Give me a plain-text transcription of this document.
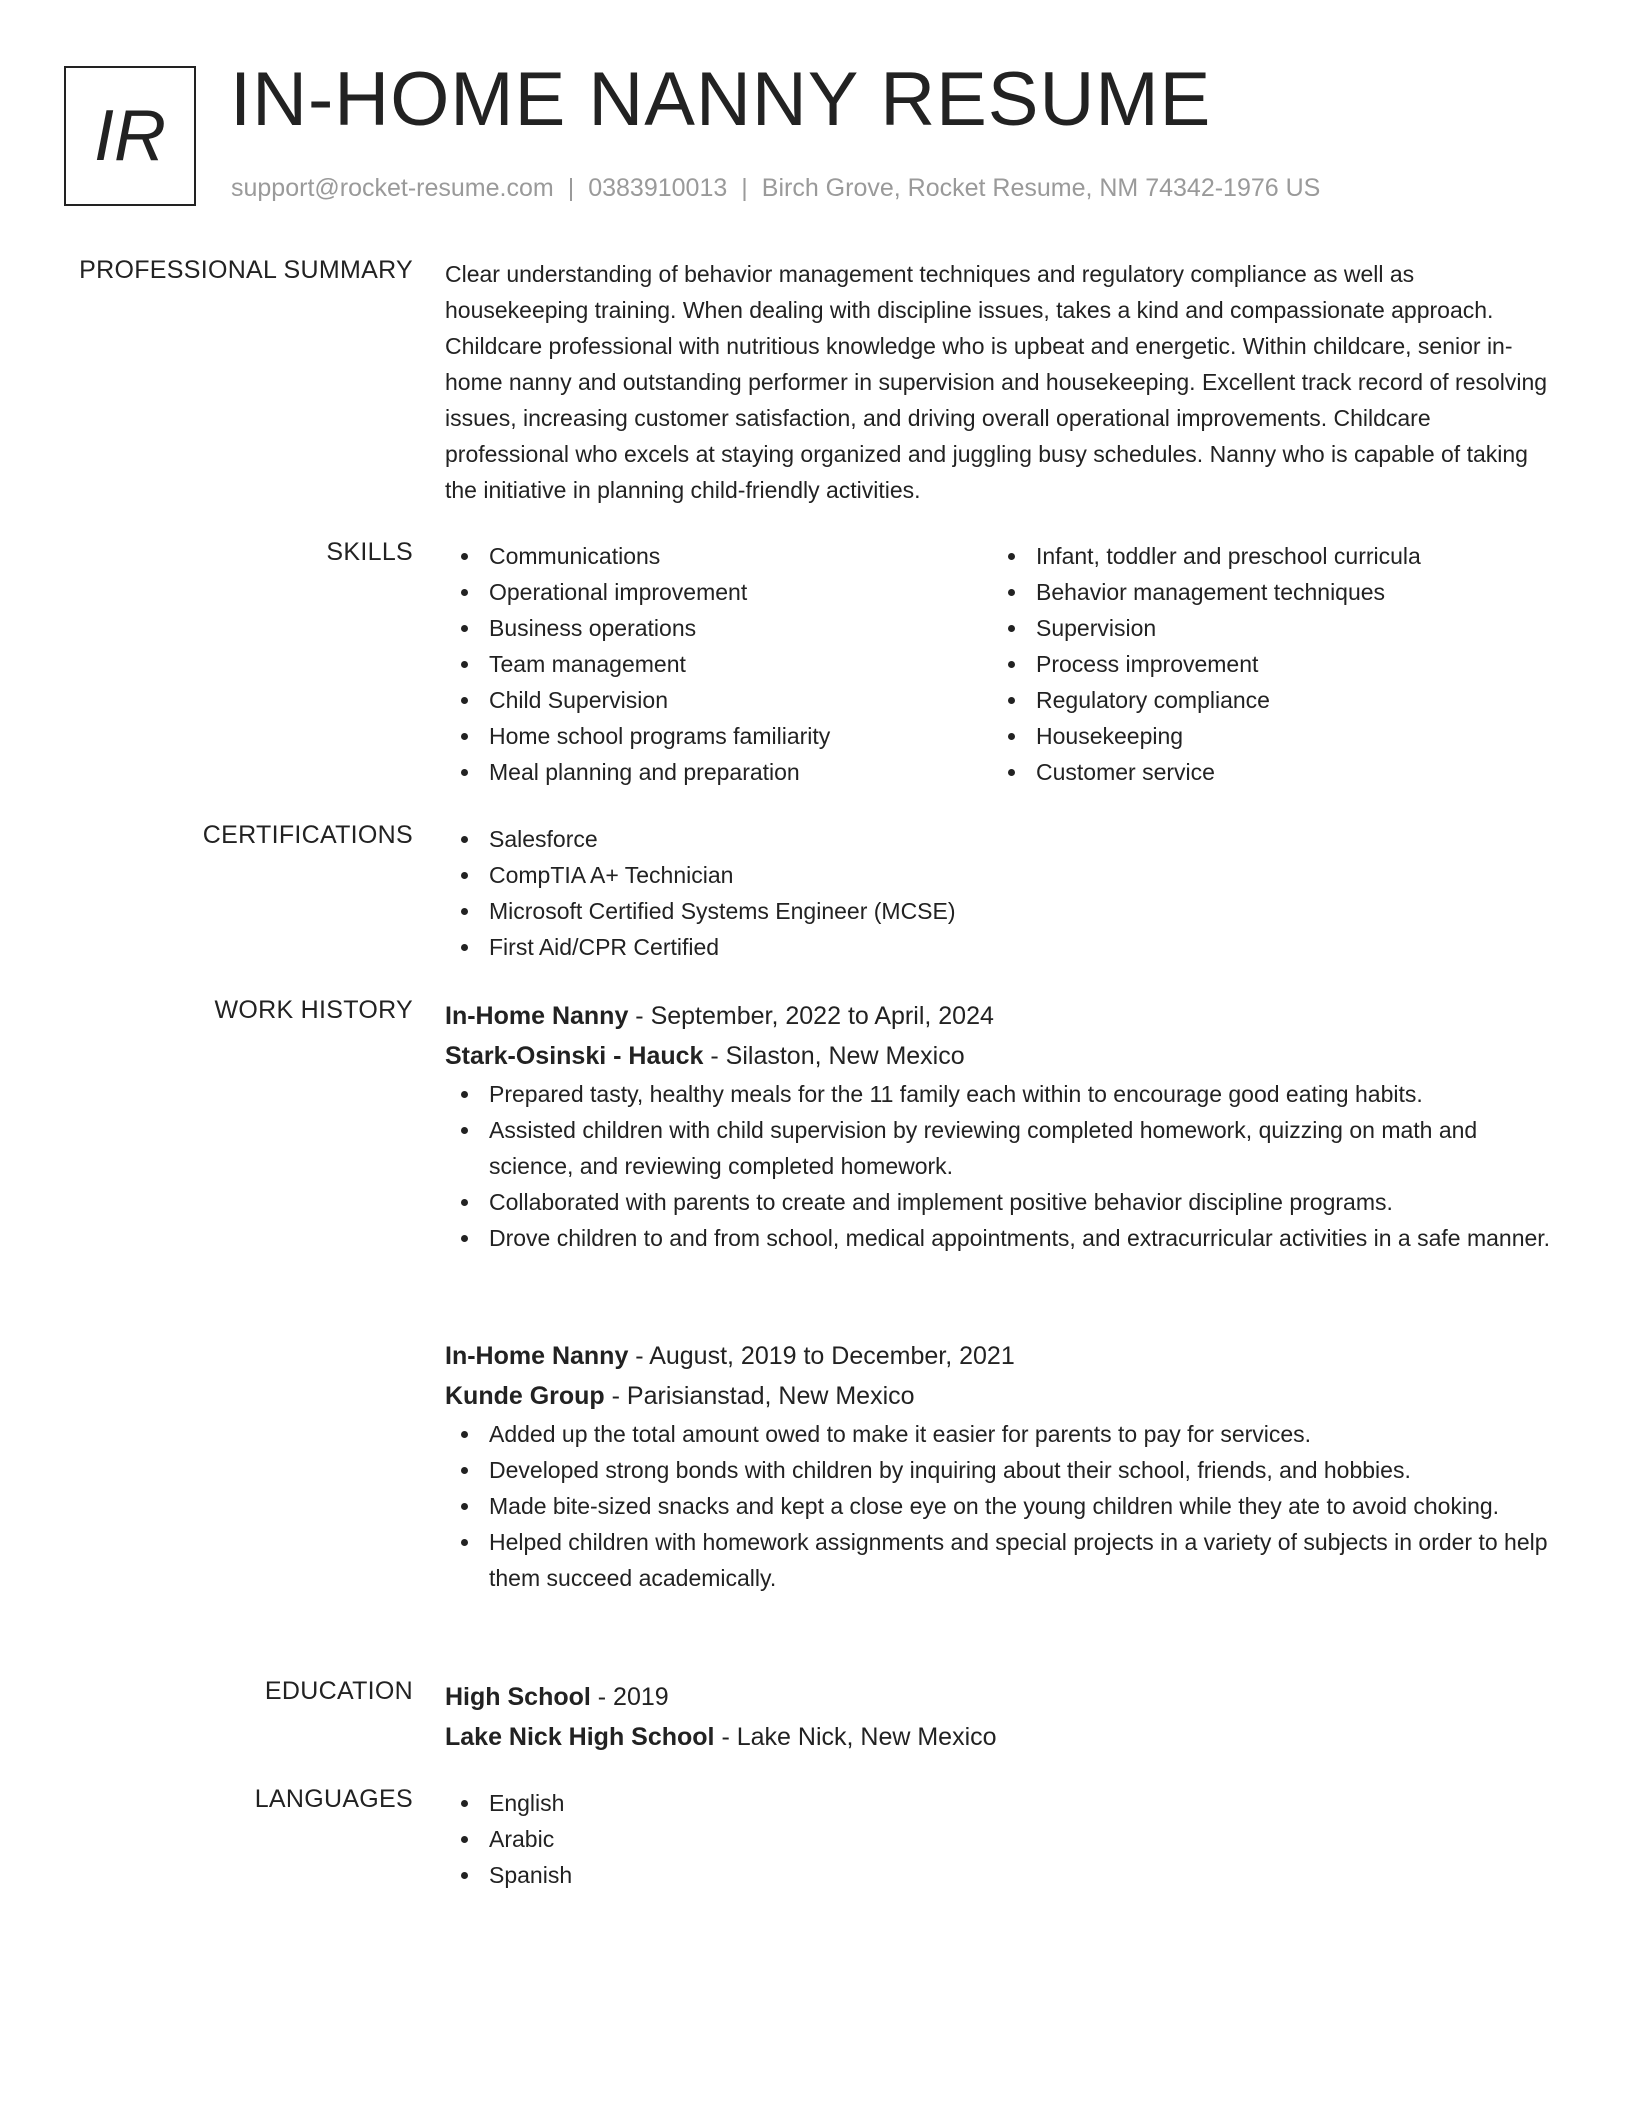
IR IN-HOME NANNY RESUME
support@rocket-resume.com | 0383910013 | Birch Grove, Rocket Resume, NM 74342-1976 US
PROFESSIONAL SUMMARY Clear understanding of behavior management techniques and regulatory compliance as well as housekeeping training. When dealing with discipline issues, takes a kind and compassionate approach. Childcare professional with nutritious knowledge who is upbeat and energetic. Within childcare, senior in-home nanny and outstanding performer in supervision and housekeeping. Excellent track record of resolving issues, increasing customer satisfaction, and driving overall operational improvements. Childcare professional who excels at staying organized and juggling busy schedules. Nanny who is capable of taking the initiative in planning child-friendly activities.

SKILLS	Communications
Operational improvement
Business operations
Team management
Child Supervision
Home school programs familiarity
Meal planning and preparation
Infant, toddler and preschool curricula
Behavior management techniques
Supervision
Process improvement
Regulatory compliance
Housekeeping
Customer service
CERTIFICATIONS	Salesforce
CompTIA A+ Technician
Microsoft Certified Systems Engineer (MCSE)
First Aid/CPR Certified
WORK HISTORY In-Home Nanny - September, 2022 to April, 2024
Stark-Osinski - Hauck - Silaston, New Mexico
Prepared tasty, healthy meals for the 11 family each within to encourage good eating habits.
Assisted children with child supervision by reviewing completed homework, quizzing on math and science, and reviewing completed homework.
Collaborated with parents to create and implement positive behavior discipline programs.
Drove children to and from school, medical appointments, and extracurricular activities in a safe manner.
In-Home Nanny - August, 2019 to December, 2021
Kunde Group - Parisianstad, New Mexico
Added up the total amount owed to make it easier for parents to pay for services.
Developed strong bonds with children by inquiring about their school, friends, and hobbies.
Made bite-sized snacks and kept a close eye on the young children while they ate to avoid choking.
Helped children with homework assignments and special projects in a variety of subjects in order to help them succeed academically.
EDUCATION High School - 2019
Lake Nick High School - Lake Nick, New Mexico
LANGUAGES	English
Arabic
Spanish
